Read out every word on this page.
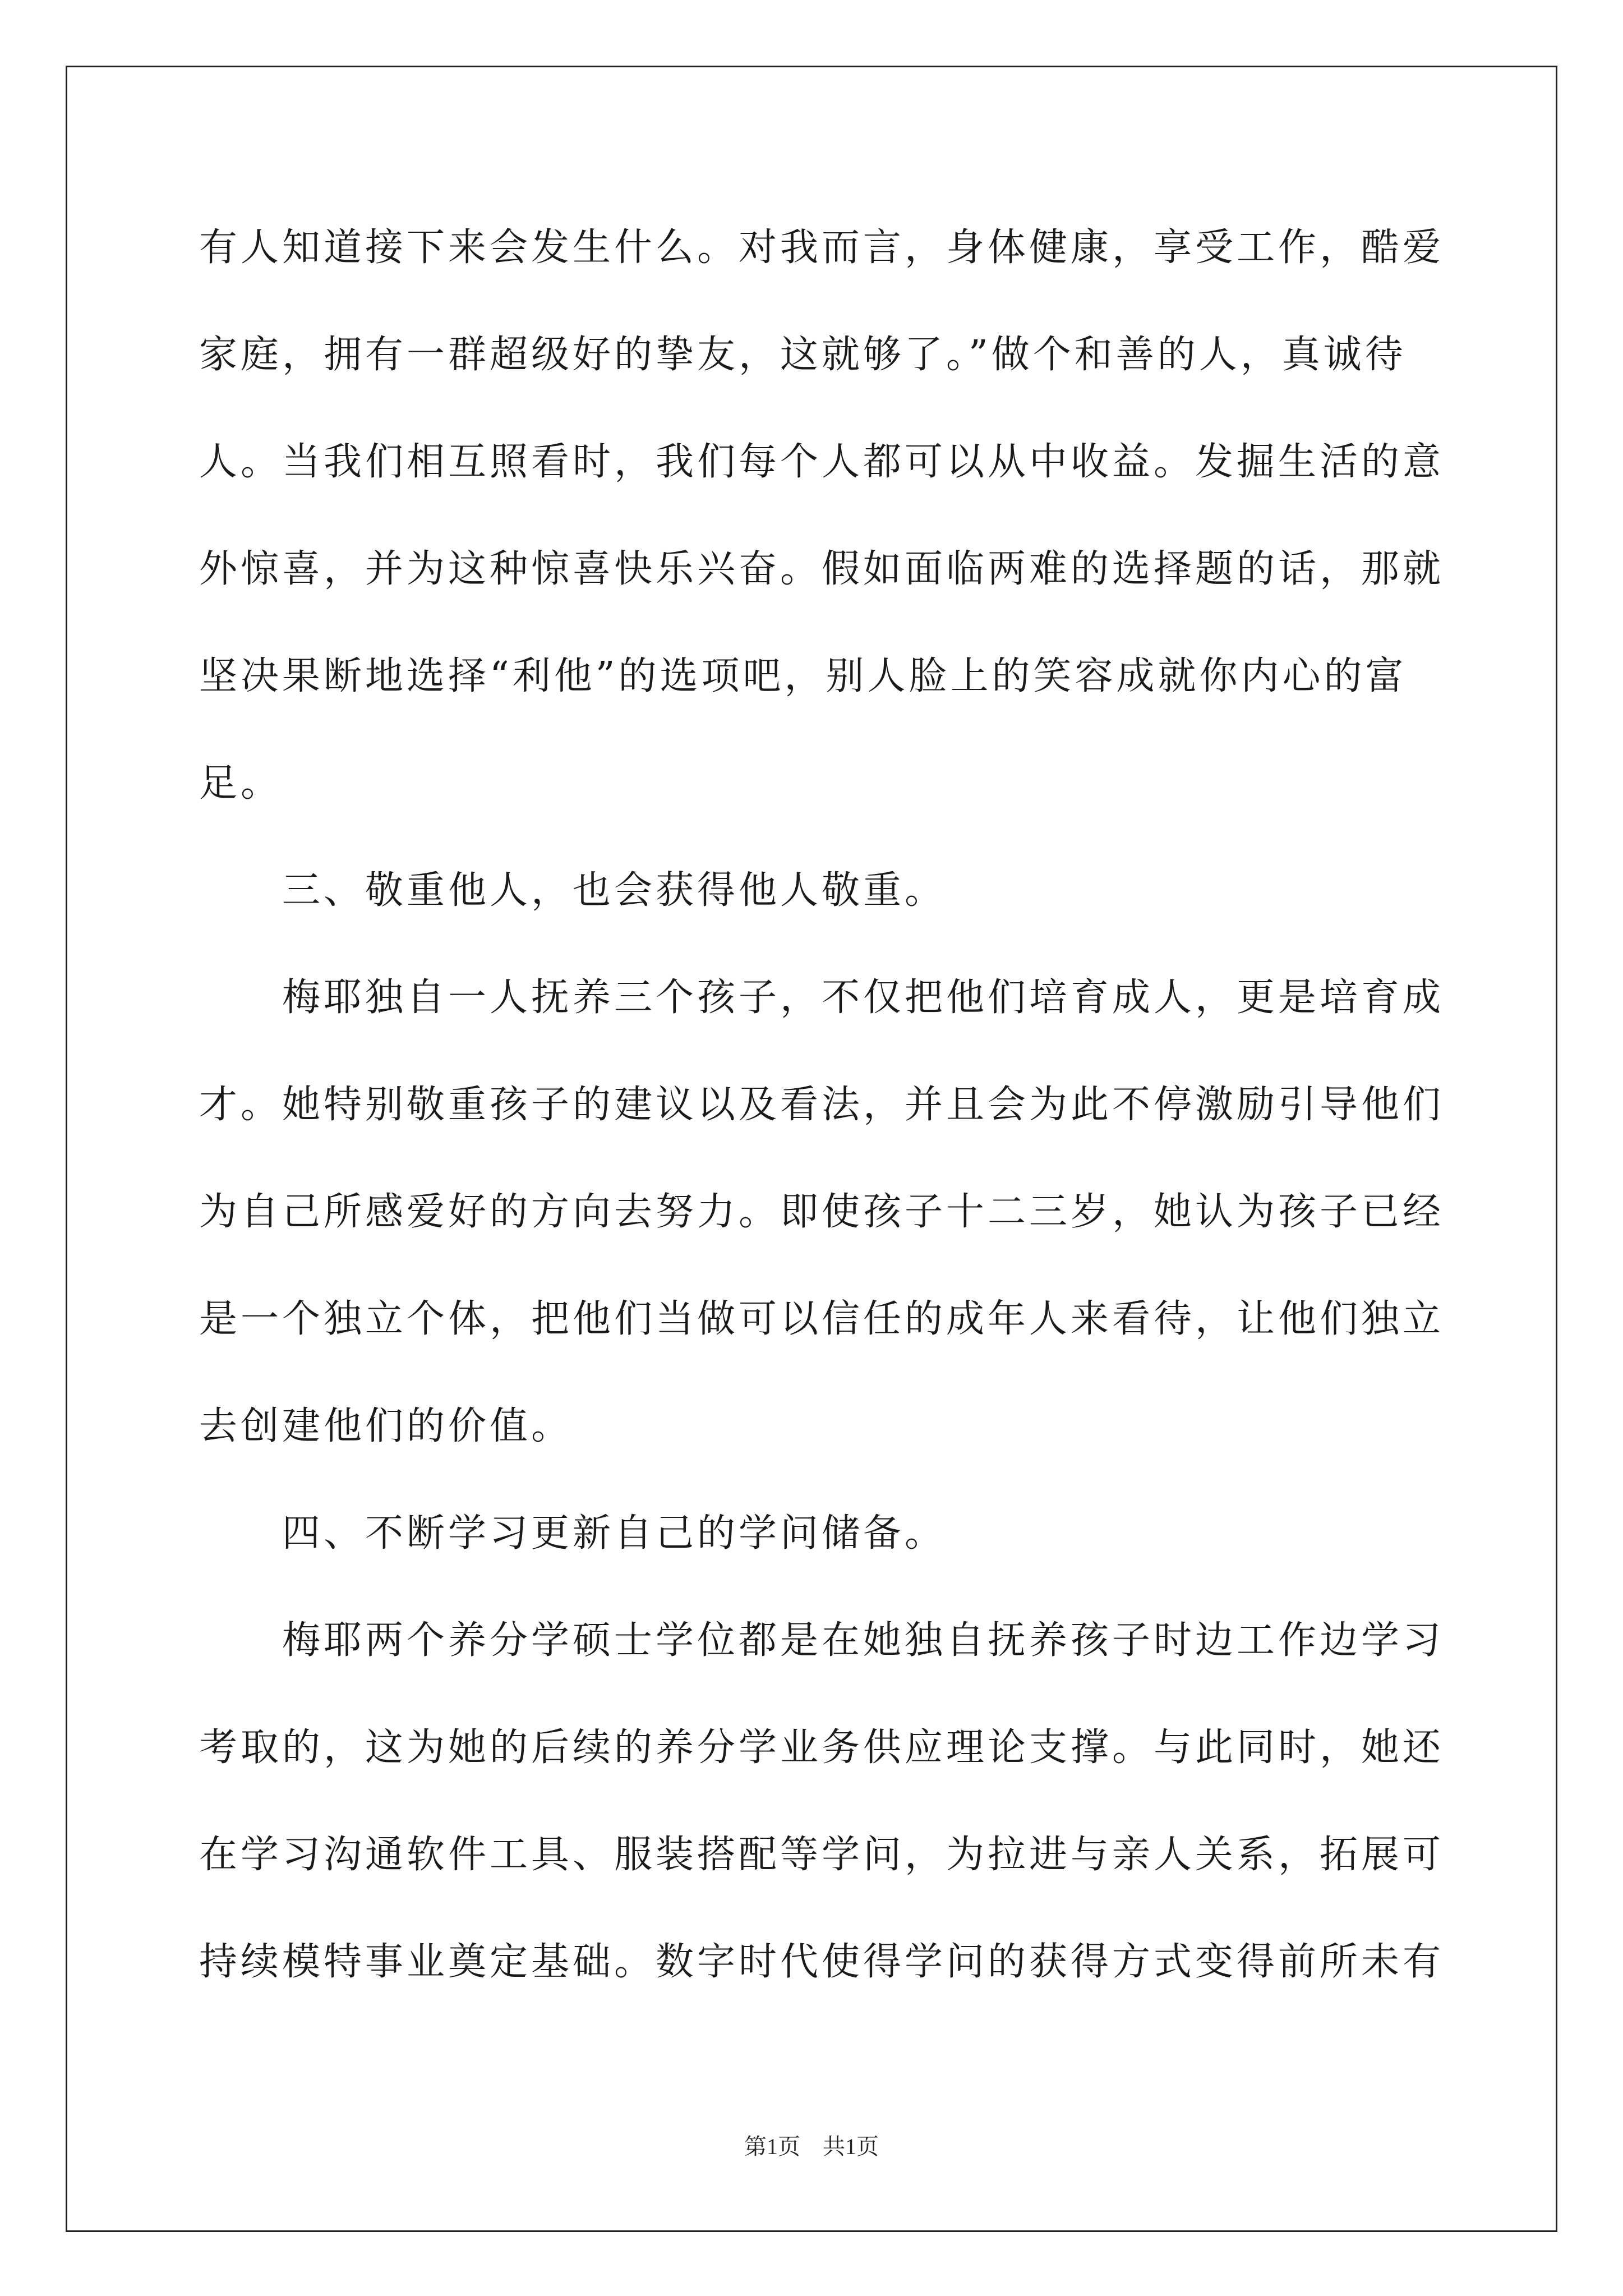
有人知道接下来会发生什么。对我而言，身体健康，享受工作，酷爱

家庭，拥有一群超级好的挚友，这就够了。”做个和善的人，真诚待

人。当我们相互照看时，我们每个人都可以从中收益。发掘生活的意

外惊喜，并为这种惊喜快乐兴奋。假如面临两难的选择题的话，那就

坚决果断地选择“利他”的选项吧，别人脸上的笑容成就你内心的富

足。

　　三、敬重他人，也会获得他人敬重。

　　梅耶独自一人抚养三个孩子，不仅把他们培育成人，更是培育成

才。她特别敬重孩子的建议以及看法，并且会为此不停激励引导他们

为自己所感爱好的方向去努力。即使孩子十二三岁，她认为孩子已经

是一个独立个体，把他们当做可以信任的成年人来看待，让他们独立

去创建他们的价值。

　　四、不断学习更新自己的学问储备。

　　梅耶两个养分学硕士学位都是在她独自抚养孩子时边工作边学习

考取的，这为她的后续的养分学业务供应理论支撑。与此同时，她还

在学习沟通软件工具、服装搭配等学问，为拉进与亲人关系，拓展可

持续模特事业奠定基础。数字时代使得学问的获得方式变得前所未有

第1页　共1页
